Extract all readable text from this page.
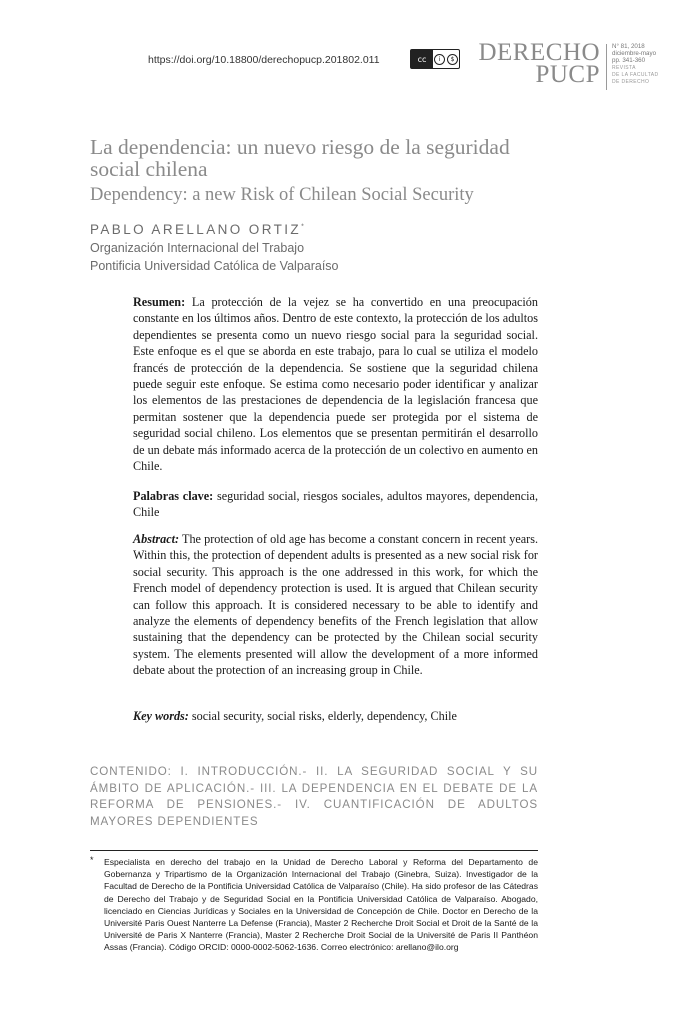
https://doi.org/10.18800/derechopucp.201802.011	cc	i	$ DERECHO
PUCP
N° 81, 2018
diciembre-mayo
pp. 341-360
REVISTA
DE LA FACULTAD
DE DERECHO
La dependencia: un nuevo riesgo de la seguridad social chilena
Dependency: a new Risk of Chilean Social Security
PABLO ARELLANO ORTIZ*
Organización Internacional del Trabajo
Pontificia Universidad Católica de Valparaíso
Resumen: La protección de la vejez se ha convertido en una preocupación constante en los últimos años. Dentro de este contexto, la protección de los adultos dependientes se presenta como un nuevo riesgo social para la seguridad social. Este enfoque es el que se aborda en este trabajo, para lo cual se utiliza el modelo francés de protección de la dependencia. Se sostiene que la seguridad chilena puede seguir este enfoque. Se estima como necesario poder identificar y analizar los elementos de las prestaciones de dependencia de la legislación francesa que permitan sostener que la dependencia puede ser protegida por el sistema de seguridad social chileno. Los elementos que se presentan permitirán el desarrollo de un debate más informado acerca de la protección de un colectivo en aumento en Chile.
Palabras clave: seguridad social, riesgos sociales, adultos mayores, dependencia, Chile
Abstract: The protection of old age has become a constant concern in recent years. Within this, the protection of dependent adults is presented as a new social risk for social security. This approach is the one addressed in this work, for which the French model of dependency protection is used. It is argued that Chilean security can follow this approach. It is considered necessary to be able to identify and analyze the elements of dependency benefits of the French legislation that allow sustaining that the dependency can be protected by the Chilean social security system. The elements presented will allow the development of a more informed debate about the protection of an increasing group in Chile.
Key words: social security, social risks, elderly, dependency, Chile
CONTENIDO: I. INTRODUCCIÓN.- II. LA SEGURIDAD SOCIAL Y SU ÁMBITO DE APLICACIÓN.- III. LA DEPENDENCIA EN EL DEBATE DE LA REFORMA DE PENSIONES.- IV. CUANTIFICACIÓN DE ADULTOS MAYORES DEPENDIENTES
* Especialista en derecho del trabajo en la Unidad de Derecho Laboral y Reforma del Departamento de Gobernanza y Tripartismo de la Organización Internacional del Trabajo (Ginebra, Suiza). Investigador de la Facultad de Derecho de la Pontificia Universidad Católica de Valparaíso (Chile). Ha sido profesor de las Cátedras de Derecho del Trabajo y de Seguridad Social en la Pontificia Universidad Católica de Valparaíso. Abogado, licenciado en Ciencias Jurídicas y Sociales en la Universidad de Concepción de Chile. Doctor en Derecho de la Université Paris Ouest Nanterre La Defense (Francia), Master 2 Recherche Droit Social et Droit de la Santé de la Université de Paris X Nanterre (Francia), Master 2 Recherche Droit Social de la Université de Paris II Panthéon Assas (Francia). Código ORCID: 0000-0002-5062-1636. Correo electrónico: arellano@ilo.org
